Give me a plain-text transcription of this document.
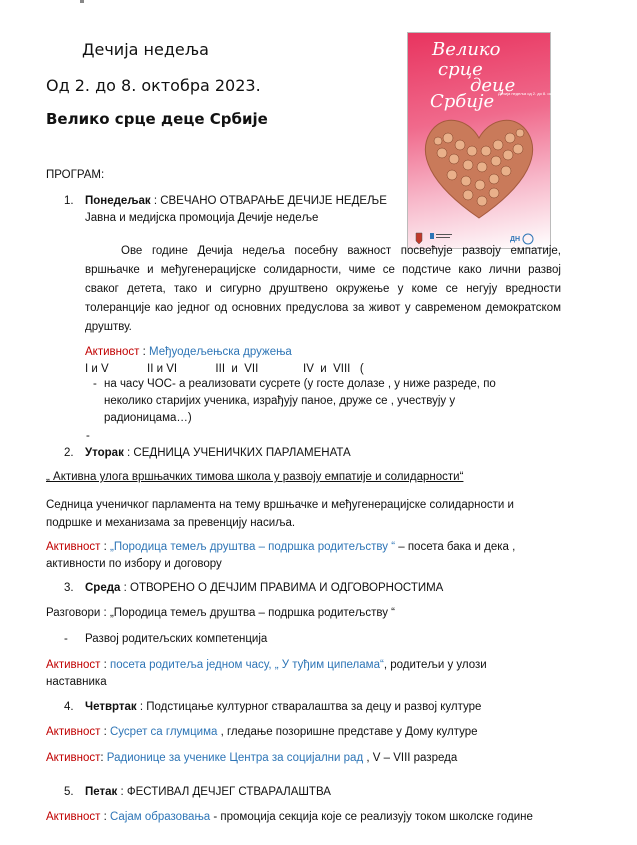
Дечија недеља
Од 2. до 8. октобра 2023.
Велико срце деце Србије
Велико
срце
деце
Србије Дечија недеља од 2. до 8. октобра 2023.
ДН
ПРОГРАМ:
1. Понедељак : СВЕЧАНО ОТВАРАЊЕ ДЕЧИЈЕ НЕДЕЉЕ
Јавна и медијска промоција Дечије недеље
Ове године Дечија недеља посебну важност посвећује развоју емпатије, вршњачке и међугенерацијске солидарности, чиме се подстиче како лични развој сваког детета, тако и сигурно друштвено окружење у коме се негују вредности толеранције као једног од основних предуслова за живот у савременом демократском друштву.
Активност : Међуодељењска дружења
I и V            II и VI            III  и  VII              IV  и  VIII   (
- на часу ЧОС- а реализовати сусрете (у госте долазе , у ниже разреде, по неколико старијих ученика, израђују паное, друже се , учествују у радионицама…)
-
2. Уторак : СЕДНИЦА УЧЕНИЧКИХ ПАРЛАМЕНАТА
„ Активна улога вршњачких тимова школа у развоју емпатије и солидарности“
Седница ученичког парламента на тему вршњачке и међугенерацијске солидарности и подршке и механизама за превенцију насиља.
Активност : „Породица темељ друштва – подршка родитељству “ – посета бака и дека ,
активности по избору и договору
3. Среда : ОТВОРЕНО О ДЕЧЈИМ ПРАВИМА И ОДГОВОРНОСТИМА
Разговори : „Породица темељ друштва – подршка родитељству “
- Развој родитељских компетенција
Активност : посета родитеља једном часу, „ У туђим ципелама“, родитељи у улози
наставника
4. Четвртак : Подстицање културног стваралаштва за децу и развој културе
Активност : Сусрет са глумцима , гледање позоришне представе у Дому културе
Активност: Радионице за ученике Центра за социјални рад , V – VIII разреда
5. Петак : ФЕСТИВАЛ ДЕЧЈЕГ СТВАРАЛАШТВА
Активност : Сајам образовања - промоција секција које се реализују током школске године
